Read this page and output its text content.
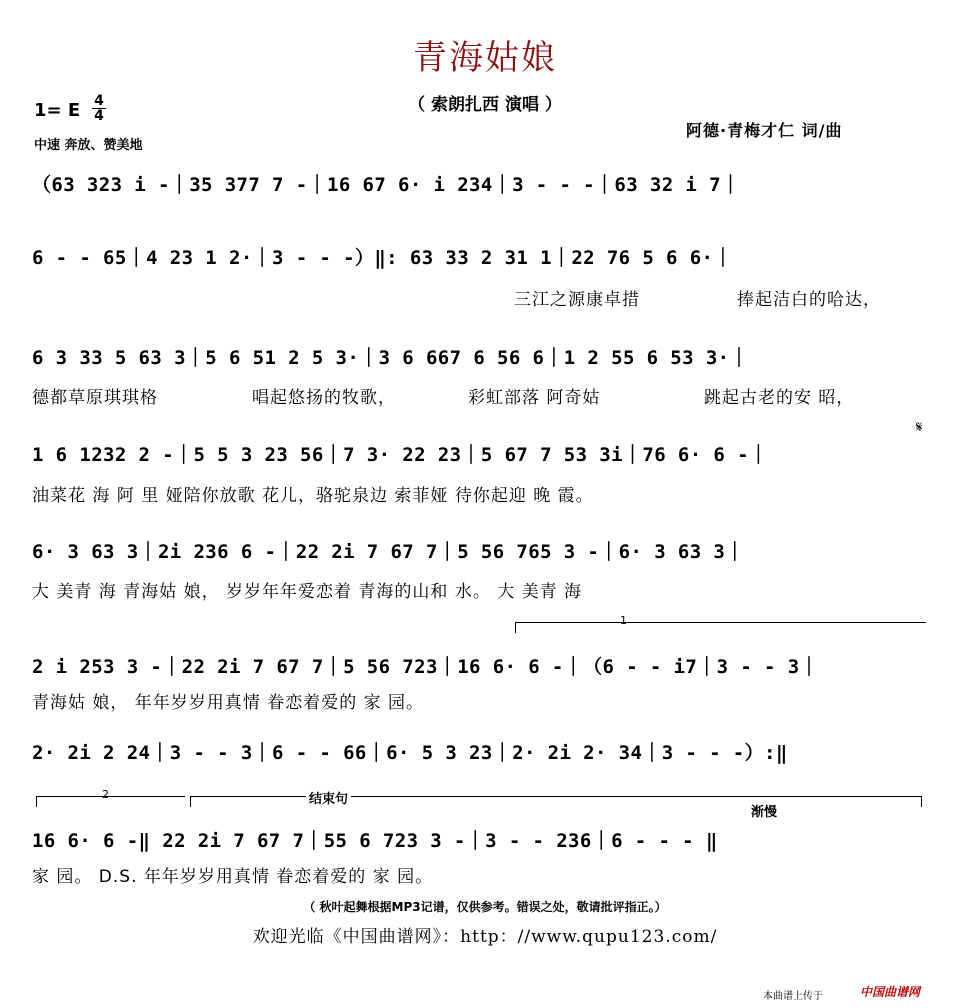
青海姑娘
（ 索朗扎西 演唱 ）
1= E 4
4
中速 奔放、赞美地
阿德·青梅才仁 词/曲
（63 323 i -｜35 377 7 -｜16 67 6· i 234｜3 - - -｜63 32 i 7｜
6 - - 65｜4 23 1 2·｜3 - - -）‖: 63 33 2 31 1｜22 76 5 6 6·｜
三江之源康卓措	捧起洁白的哈达，
6 3 33 5 63 3｜5 6 51 2 5 3·｜3 6 667 6 56 6｜1 2 55 6 53 3·｜
德都草原琪琪格	唱起悠扬的牧歌，	彩虹部落 阿奇姑	跳起古老的安 昭，
1 6 1232 2 -｜5 5 3 23 56｜7 3· 22 23｜5 67 7 53 3i｜76 6· 6 -｜
油菜花 海 阿 里 娅陪你放歌 花儿，骆驼泉边 索菲娅 待你起迎 晚 霞。
𝄋
6· 3 63 3｜2i 236 6 -｜22 2i 7 67 7｜5 56 765 3 -｜6· 3 63 3｜
大 美青 海 青海姑 娘， 岁岁年年爱恋着 青海的山和 水。 大 美青 海
1
2 i 253 3 -｜22 2i 7 67 7｜5 56 723｜16 6· 6 -｜（6 - - i7｜3 - - 3｜
青海姑 娘， 年年岁岁用真情 眷恋着爱的 家 园。
2· 2i 2 24｜3 - - 3｜6 - - 66｜6· 5 3 23｜2· 2i 2· 34｜3 - - -）:‖
2	结束句
渐慢
16 6· 6 -‖ 22 2i 7 67 7｜55 6 723 3 -｜3 - - 236｜6 - - - ‖
家 园。 D.S. 年年岁岁用真情 眷恋着爱的 家 园。
（ 秋叶起舞根据MP3记谱，仅供参考。错误之处，敬请批评指正。）
欢迎光临《中国曲谱网》：http：//www.qupu123.com/
本曲谱上传于	中国曲谱网
